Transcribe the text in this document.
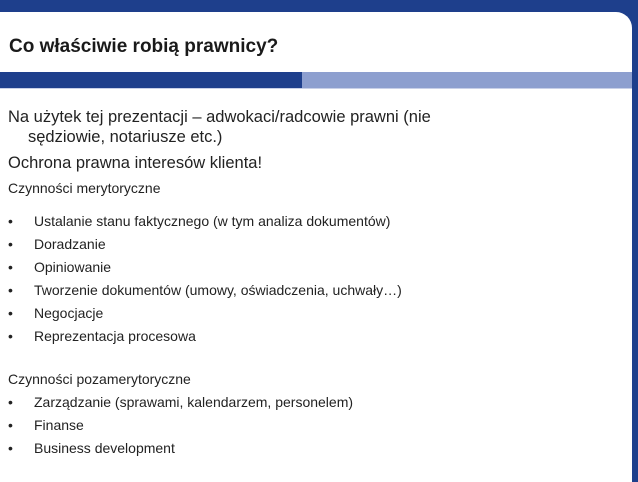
Co właściwie robią prawnicy?

Na użytek tej prezentacji – adwokaci/radcowie prawni (nie
sędziowie, notariusze etc.)

Ochrona prawna interesów klienta!

Czynności merytoryczne

• Ustalanie stanu faktycznego (w tym analiza dokumentów)
• Doradzanie
• Opiniowanie
• Tworzenie dokumentów (umowy, oświadczenia, uchwały…)
• Negocjacje
• Reprezentacja procesowa

Czynności pozamerytoryczne

• Zarządzanie (sprawami, kalendarzem, personelem)
• Finanse
• Business development
